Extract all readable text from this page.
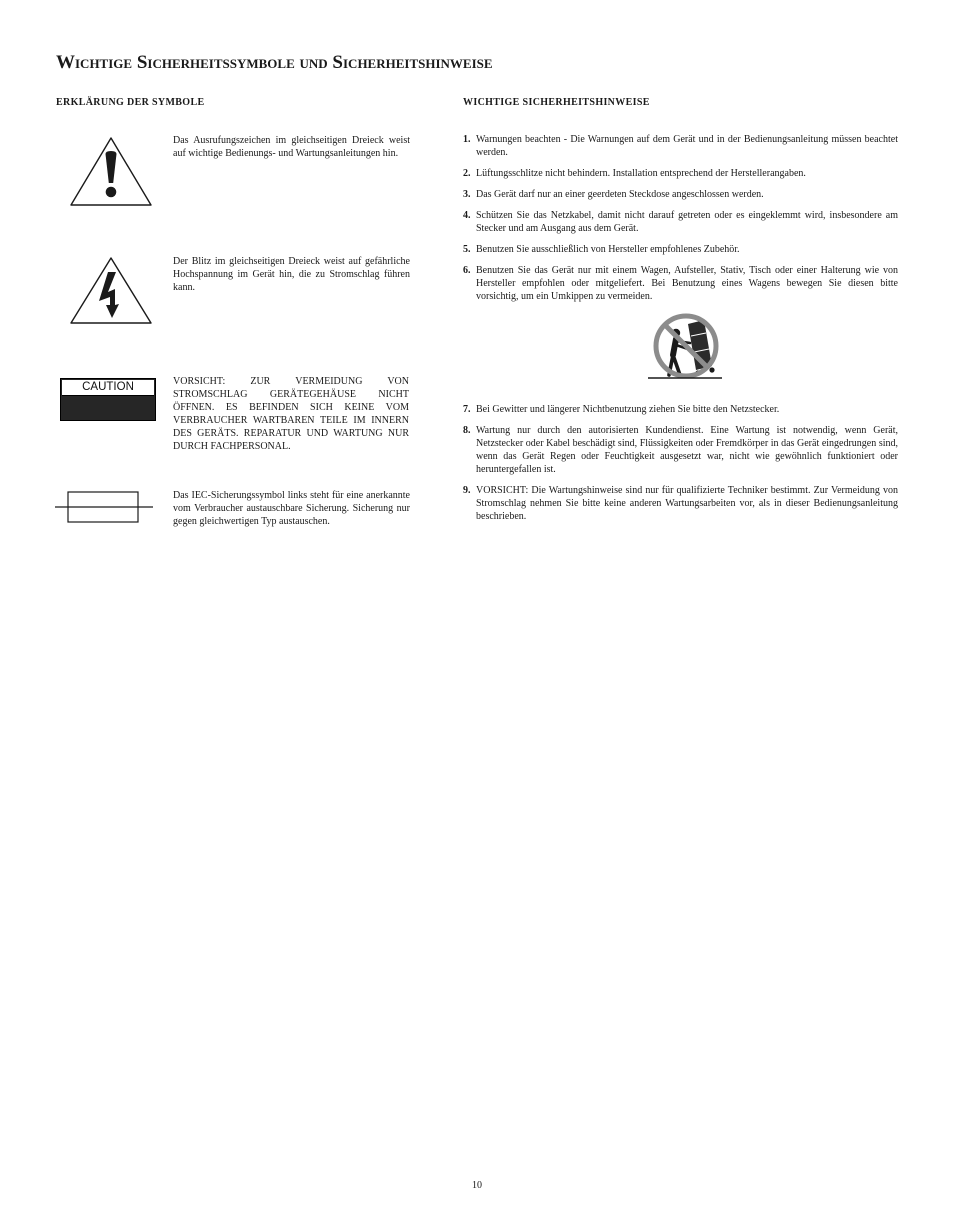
Wichtige Sicherheitssymbole und Sicherheitshinweise
ERKLÄRUNG DER SYMBOLE
Das Ausrufungszeichen im gleichseitigen Dreieck weist auf wichtige Bedienungs- und Wartungsanleitungen hin.
Der Blitz im gleichseitigen Dreieck weist auf gefährliche Hochspannung im Gerät hin, die zu Stromschlag führen kann.
CAUTION	VORSICHT: ZUR VERMEIDUNG VON STROMSCHLAG GERÄTEGEHÄUSE NICHT ÖFFNEN. ES BEFINDEN SICH KEINE VOM VERBRAUCHER WARTBAREN TEILE IM INNERN DES GERÄTS. REPARATUR UND WARTUNG NUR DURCH FACHPERSONAL.
Das IEC-Sicherungssymbol links steht für eine anerkannte vom Verbraucher austauschbare Sicherung. Sicherung nur gegen gleichwertigen Typ austauschen.
WICHTIGE SICHERHEITSHINWEISE
1. Warnungen beachten - Die Warnungen auf dem Gerät und in der Bedienungsanleitung müssen beachtet werden.
2. Lüftungsschlitze nicht behindern. Installation entsprechend der Herstellerangaben.
3. Das Gerät darf nur an einer geerdeten Steckdose angeschlossen werden.
4. Schützen Sie das Netzkabel, damit nicht darauf getreten oder es eingeklemmt wird, insbesondere am Stecker und am Ausgang aus dem Gerät.
5. Benutzen Sie ausschließlich von Hersteller empfohlenes Zubehör.
6. Benutzen Sie das Gerät nur mit einem Wagen, Aufsteller, Stativ, Tisch oder einer Halterung wie von Hersteller empfohlen oder mitgeliefert. Bei Benutzung eines Wagens bewegen Sie diesen bitte vorsichtig, um ein Umkippen zu vermeiden.
7. Bei Gewitter und längerer Nichtbenutzung ziehen Sie bitte den Netzstecker.
8. Wartung nur durch den autorisierten Kundendienst. Eine Wartung ist notwendig, wenn Gerät, Netzstecker oder Kabel beschädigt sind, Flüssigkeiten oder Fremdkörper in das Gerät eingedrungen sind, wenn das Gerät Regen oder Feuchtigkeit ausgesetzt war, nicht wie gewöhnlich funktioniert oder heruntergefallen ist.
9. VORSICHT: Die Wartungshinweise sind nur für qualifizierte Techniker bestimmt. Zur Vermeidung von Stromschlag nehmen Sie bitte keine anderen Wartungsarbeiten vor, als in dieser Bedienungsanleitung beschrieben.
10
